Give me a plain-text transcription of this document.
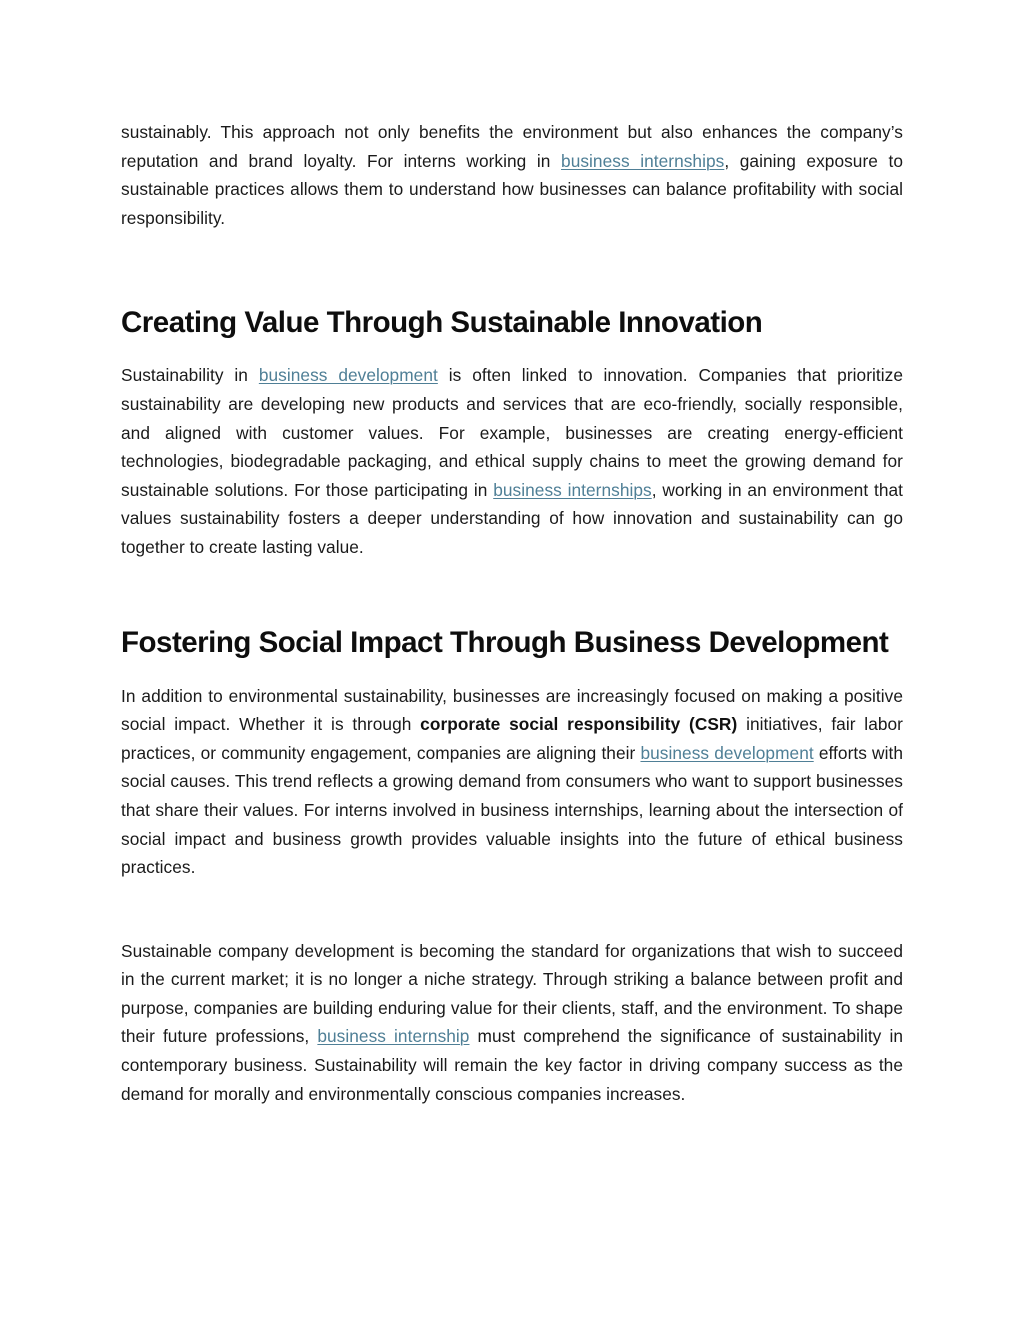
sustainably. This approach not only benefits the environment but also enhances the company’s reputation and brand loyalty. For interns working in business internships, gaining exposure to sustainable practices allows them to understand how businesses can balance profitability with social responsibility.

Creating Value Through Sustainable Innovation

Sustainability in business development is often linked to innovation. Companies that prioritize sustainability are developing new products and services that are eco-friendly, socially responsible, and aligned with customer values. For example, businesses are creating energy-efficient technologies, biodegradable packaging, and ethical supply chains to meet the growing demand for sustainable solutions. For those participating in business internships, working in an environment that values sustainability fosters a deeper understanding of how innovation and sustainability can go together to create lasting value.

Fostering Social Impact Through Business Development

In addition to environmental sustainability, businesses are increasingly focused on making a positive social impact. Whether it is through corporate social responsibility (CSR) initiatives, fair labor practices, or community engagement, companies are aligning their business development efforts with social causes. This trend reflects a growing demand from consumers who want to support businesses that share their values. For interns involved in business internships, learning about the intersection of social impact and business growth provides valuable insights into the future of ethical business practices.

Sustainable company development is becoming the standard for organizations that wish to succeed in the current market; it is no longer a niche strategy. Through striking a balance between profit and purpose, companies are building enduring value for their clients, staff, and the environment. To shape their future professions, business internship must comprehend the significance of sustainability in contemporary business. Sustainability will remain the key factor in driving company success as the demand for morally and environmentally conscious companies increases.
